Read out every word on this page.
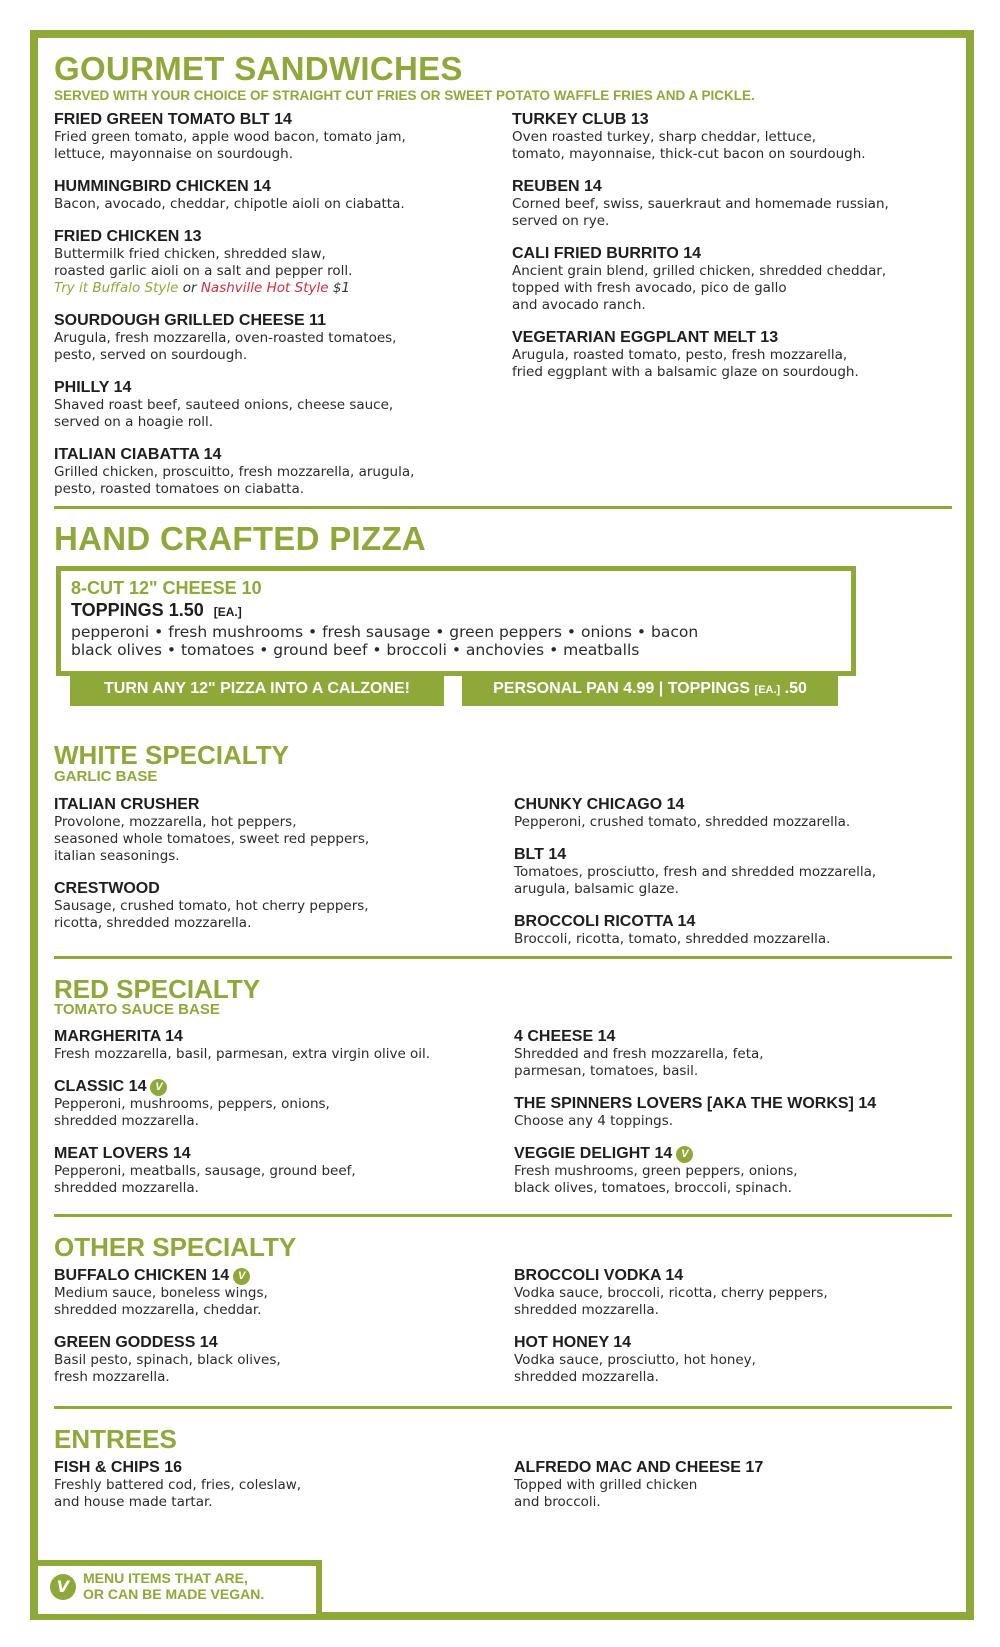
GOURMET SANDWICHES
SERVED WITH YOUR CHOICE OF STRAIGHT CUT FRIES OR SWEET POTATO WAFFLE FRIES AND A PICKLE.
FRIED GREEN TOMATO BLT 14
Fried green tomato, apple wood bacon, tomato jam,
lettuce, mayonnaise on sourdough.
HUMMINGBIRD CHICKEN 14
Bacon, avocado, cheddar, chipotle aioli on ciabatta.
FRIED CHICKEN 13
Buttermilk fried chicken, shredded slaw,
roasted garlic aioli on a salt and pepper roll.
Try it Buffalo Style or Nashville Hot Style $1
SOURDOUGH GRILLED CHEESE 11
Arugula, fresh mozzarella, oven-roasted tomatoes,
pesto, served on sourdough.
PHILLY 14
Shaved roast beef, sauteed onions, cheese sauce,
served on a hoagie roll.
ITALIAN CIABATTA 14
Grilled chicken, proscuitto, fresh mozzarella, arugula,
pesto, roasted tomatoes on ciabatta.
TURKEY CLUB 13
Oven roasted turkey, sharp cheddar, lettuce,
tomato, mayonnaise, thick-cut bacon on sourdough.
REUBEN 14
Corned beef, swiss, sauerkraut and homemade russian,
served on rye.
CALI FRIED BURRITO 14
Ancient grain blend, grilled chicken, shredded cheddar,
topped with fresh avocado, pico de gallo
and avocado ranch.
VEGETARIAN EGGPLANT MELT 13
Arugula, roasted tomato, pesto, fresh mozzarella,
fried eggplant with a balsamic glaze on sourdough.
HAND CRAFTED PIZZA
8-CUT 12" CHEESE 10
TOPPINGS 1.50 [EA.]
pepperoni • fresh mushrooms • fresh sausage • green peppers • onions • bacon
black olives • tomatoes • ground beef • broccoli • anchovies • meatballs
TURN ANY 12" PIZZA INTO A CALZONE!	PERSONAL PAN 4.99 | TOPPINGS [EA.] .50
WHITE SPECIALTY
GARLIC BASE
ITALIAN CRUSHER
Provolone, mozzarella, hot peppers,
seasoned whole tomatoes, sweet red peppers,
italian seasonings.
CRESTWOOD
Sausage, crushed tomato, hot cherry peppers,
ricotta, shredded mozzarella.
CHUNKY CHICAGO 14
Pepperoni, crushed tomato, shredded mozzarella.
BLT 14
Tomatoes, prosciutto, fresh and shredded mozzarella,
arugula, balsamic glaze.
BROCCOLI RICOTTA 14
Broccoli, ricotta, tomato, shredded mozzarella.
RED SPECIALTY
TOMATO SAUCE BASE
MARGHERITA 14
Fresh mozzarella, basil, parmesan, extra virgin olive oil.
CLASSIC 14 V
Pepperoni, mushrooms, peppers, onions,
shredded mozzarella.
MEAT LOVERS 14
Pepperoni, meatballs, sausage, ground beef,
shredded mozzarella.
4 CHEESE 14
Shredded and fresh mozzarella, feta,
parmesan, tomatoes, basil.
THE SPINNERS LOVERS [AKA THE WORKS] 14
Choose any 4 toppings.
VEGGIE DELIGHT 14 V
Fresh mushrooms, green peppers, onions,
black olives, tomatoes, broccoli, spinach.
OTHER SPECIALTY
BUFFALO CHICKEN 14 V
Medium sauce, boneless wings,
shredded mozzarella, cheddar.
GREEN GODDESS 14
Basil pesto, spinach, black olives,
fresh mozzarella.
BROCCOLI VODKA 14
Vodka sauce, broccoli, ricotta, cherry peppers,
shredded mozzarella.
HOT HONEY 14
Vodka sauce, prosciutto, hot honey,
shredded mozzarella.
ENTREES
FISH & CHIPS 16
Freshly battered cod, fries, coleslaw,
and house made tartar.
ALFREDO MAC AND CHEESE 17
Topped with grilled chicken
and broccoli.
V MENU ITEMS THAT ARE,
OR CAN BE MADE VEGAN.
